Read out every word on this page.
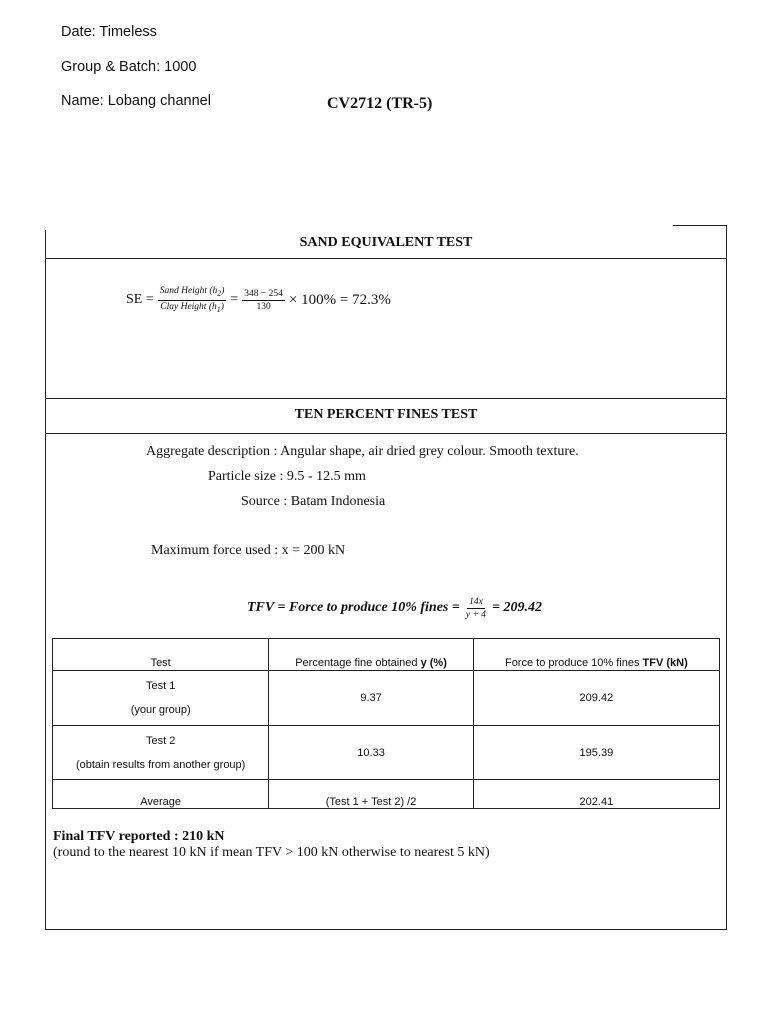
Date: Timeless
Group & Batch: 1000
Name: Lobang channel	CV2712 (TR-5)
SAND EQUIVALENT TEST
SE = $\frac{Sand Height (h_2)}{Clay Height (h_1)} = \frac{348 - 254}{130} \times 100\% = 72.3\%$
TEN PERCENT FINES TEST
Aggregate description : Angular shape, air dried grey colour. Smooth texture.
Particle size : 9.5 - 12.5 mm
Source : Batam Indonesia
Maximum force used : x = 200 kN
TFV = Force to produce 10% fines = $\frac{14x}{y + 4} = 209.42$
Test	Percentage fine obtained y (%)	Force to produce 10% fines TFV (kN)

Test 1
(your group)	9.37	209.42

Test 2
(obtain results from another group)	10.33	195.39
Average	(Test 1 + Test 2) /2	202.41
Final TFV reported : 210 kN
(round to the nearest 10 kN if mean TFV > 100 kN otherwise to nearest 5 kN)
